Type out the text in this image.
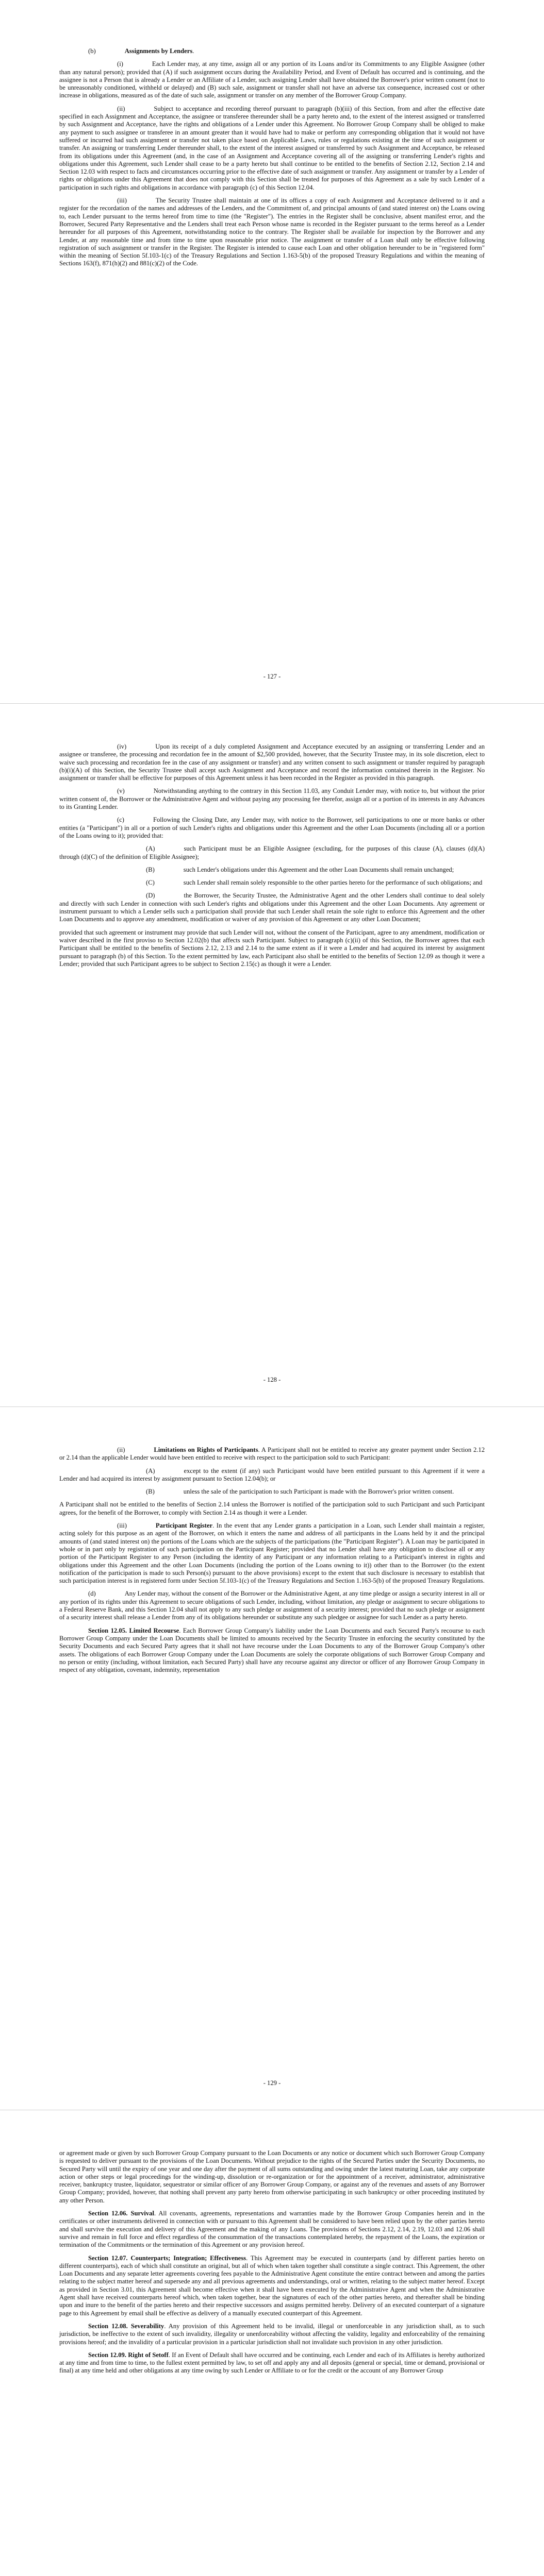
(b)	Assignments by Lenders.

(i)	Each Lender may, at any time, assign all or any portion of its Loans and/or its Commitments to any Eligible Assignee (other than any natural person); provided that (A) if such assignment occurs during the Availability Period, and Event of Default has occurred and is continuing, and the assignee is not a Person that is already a Lender or an Affiliate of a Lender, such assigning Lender shall have obtained the Borrower's prior written consent (not to be unreasonably conditioned, withheld or delayed) and (B) such sale, assignment or transfer shall not have an adverse tax consequence, increased cost or other increase in obligations, measured as of the date of such sale, assignment or transfer on any member of the Borrower Group Company.

(ii)	Subject to acceptance and recording thereof pursuant to paragraph (b)(iii) of this Section, from and after the effective date specified in each Assignment and Acceptance, the assignee or transferee thereunder shall be a party hereto and, to the extent of the interest assigned or transferred by such Assignment and Acceptance, have the rights and obligations of a Lender under this Agreement. No Borrower Group Company shall be obliged to make any payment to such assignee or transferee in an amount greater than it would have had to make or perform any corresponding obligation that it would not have suffered or incurred had such assignment or transfer not taken place based on Applicable Laws, rules or regulations existing at the time of such assignment or transfer. An assigning or transferring Lender thereunder shall, to the extent of the interest assigned or transferred by such Assignment and Acceptance, be released from its obligations under this Agreement (and, in the case of an Assignment and Acceptance covering all of the assigning or transferring Lender's rights and obligations under this Agreement, such Lender shall cease to be a party hereto but shall continue to be entitled to the benefits of Section 2.12, Section 2.14 and Section 12.03 with respect to facts and circumstances occurring prior to the effective date of such assignment or transfer. Any assignment or transfer by a Lender of rights or obligations under this Agreement that does not comply with this Section shall be treated for purposes of this Agreement as a sale by such Lender of a participation in such rights and obligations in accordance with paragraph (c) of this Section 12.04.

(iii)	The Security Trustee shall maintain at one of its offices a copy of each Assignment and Acceptance delivered to it and a register for the recordation of the names and addresses of the Lenders, and the Commitment of, and principal amounts of (and stated interest on) the Loans owing to, each Lender pursuant to the terms hereof from time to time (the "Register"). The entries in the Register shall be conclusive, absent manifest error, and the Borrower, Secured Party Representative and the Lenders shall treat each Person whose name is recorded in the Register pursuant to the terms hereof as a Lender hereunder for all purposes of this Agreement, notwithstanding notice to the contrary. The Register shall be available for inspection by the Borrower and any Lender, at any reasonable time and from time to time upon reasonable prior notice. The assignment or transfer of a Loan shall only be effective following registration of such assignment or transfer in the Register. The Register is intended to cause each Loan and other obligation hereunder to be in "registered form" within the meaning of Section 5f.103-1(c) of the Treasury Regulations and Section 1.163-5(b) of the proposed Treasury Regulations and within the meaning of Sections 163(f), 871(h)(2) and 881(c)(2) of the Code.

- 127 -

(iv)	Upon its receipt of a duly completed Assignment and Acceptance executed by an assigning or transferring Lender and an assignee or transferee, the processing and recordation fee in the amount of $2,500 provided, however, that the Security Trustee may, in its sole discretion, elect to waive such processing and recordation fee in the case of any assignment or transfer) and any written consent to such assignment or transfer required by paragraph (b)(i)(A) of this Section, the Security Trustee shall accept such Assignment and Acceptance and record the information contained therein in the Register. No assignment or transfer shall be effective for purposes of this Agreement unless it has been recorded in the Register as provided in this paragraph.

(v)	Notwithstanding anything to the contrary in this Section 11.03, any Conduit Lender may, with notice to, but without the prior written consent of, the Borrower or the Administrative Agent and without paying any processing fee therefor, assign all or a portion of its interests in any Advances to its Granting Lender.

(c)	Following the Closing Date, any Lender may, with notice to the Borrower, sell participations to one or more banks or other entities (a "Participant") in all or a portion of such Lender's rights and obligations under this Agreement and the other Loan Documents (including all or a portion of the Loans owing to it); provided that:

(A)	such Participant must be an Eligible Assignee (excluding, for the purposes of this clause (A), clauses (d)(A) through (d)(C) of the definition of Eligible Assignee);

(B)	such Lender's obligations under this Agreement and the other Loan Documents shall remain unchanged;

(C)	such Lender shall remain solely responsible to the other parties hereto for the performance of such obligations; and

(D)	the Borrower, the Security Trustee, the Administrative Agent and the other Lenders shall continue to deal solely and directly with such Lender in connection with such Lender's rights and obligations under this Agreement and the other Loan Documents. Any agreement or instrument pursuant to which a Lender sells such a participation shall provide that such Lender shall retain the sole right to enforce this Agreement and the other Loan Documents and to approve any amendment, modification or waiver of any provision of this Agreement or any other Loan Document;

provided that such agreement or instrument may provide that such Lender will not, without the consent of the Participant, agree to any amendment, modification or waiver described in the first proviso to Section 12.02(b) that affects such Participant. Subject to paragraph (c)(ii) of this Section, the Borrower agrees that each Participant shall be entitled to the benefits of Sections 2.12, 2.13 and 2.14 to the same extent as if it were a Lender and had acquired its interest by assignment pursuant to paragraph (b) of this Section. To the extent permitted by law, each Participant also shall be entitled to the benefits of Section 12.09 as though it were a Lender; provided that such Participant agrees to be subject to Section 2.15(c) as though it were a Lender.

- 128 -

(ii)	Limitations on Rights of Participants. A Participant shall not be entitled to receive any greater payment under Section 2.12 or 2.14 than the applicable Lender would have been entitled to receive with respect to the participation sold to such Participant:

(A)	except to the extent (if any) such Participant would have been entitled pursuant to this Agreement if it were a Lender and had acquired its interest by assignment pursuant to Section 12.04(b); or

(B)	unless the sale of the participation to such Participant is made with the Borrower's prior written consent.

A Participant shall not be entitled to the benefits of Section 2.14 unless the Borrower is notified of the participation sold to such Participant and such Participant agrees, for the benefit of the Borrower, to comply with Section 2.14 as though it were a Lender.

(iii)	Participant Register. In the event that any Lender grants a participation in a Loan, such Lender shall maintain a register, acting solely for this purpose as an agent of the Borrower, on which it enters the name and address of all participants in the Loans held by it and the principal amounts of (and stated interest on) the portions of the Loans which are the subjects of the participations (the "Participant Register"). A Loan may be participated in whole or in part only by registration of such participation on the Participant Register; provided that no Lender shall have any obligation to disclose all or any portion of the Participant Register to any Person (including the identity of any Participant or any information relating to a Participant's interest in rights and obligations under this Agreement and the other Loan Documents (including the portion of the Loans owning to it)) other than to the Borrower (to the extent notification of the participation is made to such Person(s) pursuant to the above provisions) except to the extent that such disclosure is necessary to establish that such participation interest is in registered form under Section 5f.103-1(c) of the Treasury Regulations and Section 1.163-5(b) of the proposed Treasury Regulations.

(d)	Any Lender may, without the consent of the Borrower or the Administrative Agent, at any time pledge or assign a security interest in all or any portion of its rights under this Agreement to secure obligations of such Lender, including, without limitation, any pledge or assignment to secure obligations to a Federal Reserve Bank, and this Section 12.04 shall not apply to any such pledge or assignment of a security interest; provided that no such pledge or assignment of a security interest shall release a Lender from any of its obligations hereunder or substitute any such pledgee or assignee for such Lender as a party hereto.

Section 12.05. Limited Recourse. Each Borrower Group Company's liability under the Loan Documents and each Secured Party's recourse to each Borrower Group Company under the Loan Documents shall be limited to amounts received by the Security Trustee in enforcing the security constituted by the Security Documents and each Secured Party agrees that it shall not have recourse under the Loan Documents to any of the Borrower Group Company's other assets. The obligations of each Borrower Group Company under the Loan Documents are solely the corporate obligations of such Borrower Group Company and no person or entity (including, without limitation, each Secured Party) shall have any recourse against any director or officer of any Borrower Group Company in respect of any obligation, covenant, indemnity, representation

- 129 -

or agreement made or given by such Borrower Group Company pursuant to the Loan Documents or any notice or document which such Borrower Group Company is requested to deliver pursuant to the provisions of the Loan Documents. Without prejudice to the rights of the Secured Parties under the Security Documents, no Secured Party will until the expiry of one year and one day after the payment of all sums outstanding and owing under the latest maturing Loan, take any corporate action or other steps or legal proceedings for the winding-up, dissolution or re-organization or for the appointment of a receiver, administrator, administrative receiver, bankruptcy trustee, liquidator, sequestrator or similar officer of any Borrower Group Company, or against any of the revenues and assets of any Borrower Group Company; provided, however, that nothing shall prevent any party hereto from otherwise participating in such bankruptcy or other proceeding instituted by any other Person.

Section 12.06. Survival. All covenants, agreements, representations and warranties made by the Borrower Group Companies herein and in the certificates or other instruments delivered in connection with or pursuant to this Agreement shall be considered to have been relied upon by the other parties hereto and shall survive the execution and delivery of this Agreement and the making of any Loans. The provisions of Sections 2.12, 2.14, 2.19, 12.03 and 12.06 shall survive and remain in full force and effect regardless of the consummation of the transactions contemplated hereby, the repayment of the Loans, the expiration or termination of the Commitments or the termination of this Agreement or any provision hereof.

Section 12.07. Counterparts; Integration; Effectiveness. This Agreement may be executed in counterparts (and by different parties hereto on different counterparts), each of which shall constitute an original, but all of which when taken together shall constitute a single contract. This Agreement, the other Loan Documents and any separate letter agreements covering fees payable to the Administrative Agent constitute the entire contract between and among the parties relating to the subject matter hereof and supersede any and all previous agreements and understandings, oral or written, relating to the subject matter hereof. Except as provided in Section 3.01, this Agreement shall become effective when it shall have been executed by the Administrative Agent and when the Administrative Agent shall have received counterparts hereof which, when taken together, bear the signatures of each of the other parties hereto, and thereafter shall be binding upon and inure to the benefit of the parties hereto and their respective successors and assigns permitted hereby. Delivery of an executed counterpart of a signature page to this Agreement by email shall be effective as delivery of a manually executed counterpart of this Agreement.

Section 12.08. Severability. Any provision of this Agreement held to be invalid, illegal or unenforceable in any jurisdiction shall, as to such jurisdiction, be ineffective to the extent of such invalidity, illegality or unenforceability without affecting the validity, legality and enforceability of the remaining provisions hereof; and the invalidity of a particular provision in a particular jurisdiction shall not invalidate such provision in any other jurisdiction.

Section 12.09. Right of Setoff. If an Event of Default shall have occurred and be continuing, each Lender and each of its Affiliates is hereby authorized at any time and from time to time, to the fullest extent permitted by law, to set off and apply any and all deposits (general or special, time or demand, provisional or final) at any time held and other obligations at any time owing by such Lender or Affiliate to or for the credit or the account of any Borrower Group
